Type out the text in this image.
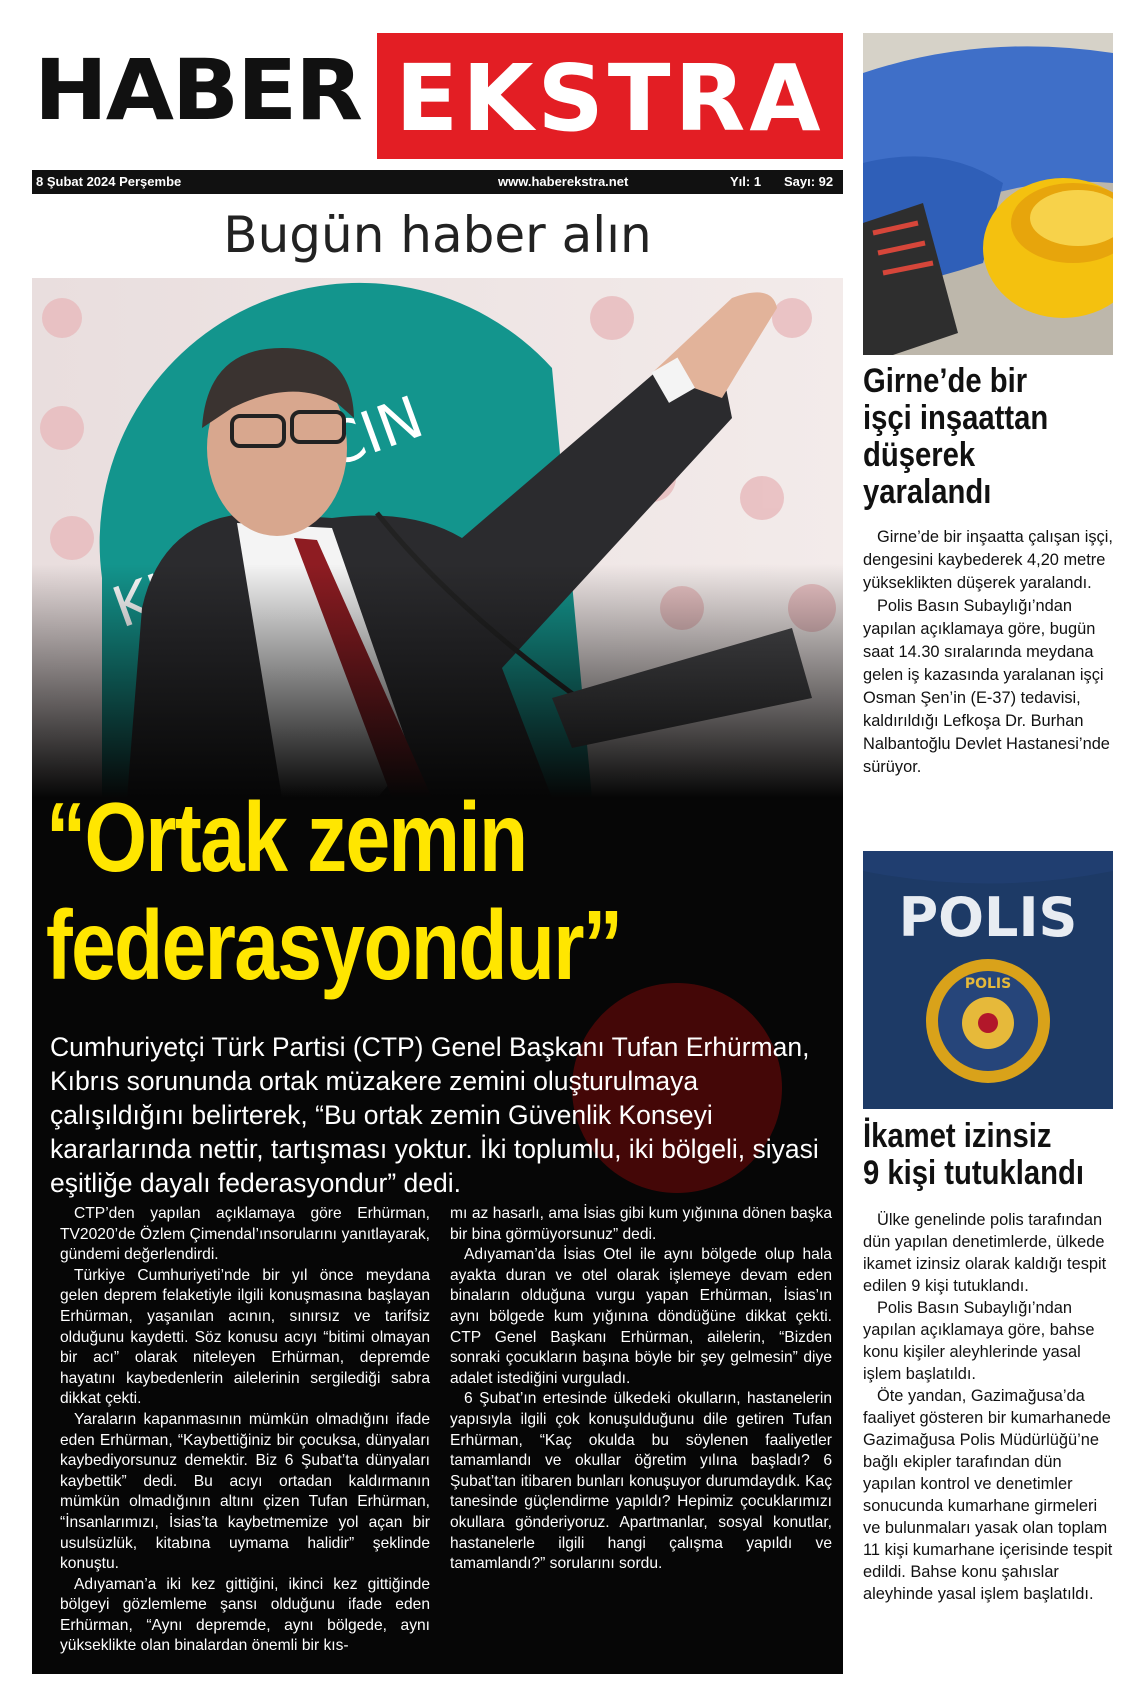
HABER EKSTRA
8 Şubat 2024 Perşembe	www.haberekstra.net	Yıl: 1 Sayı: 92
Bugün haber alın
“Ortak zemin
federasyondur”
Cumhuriyetçi Türk Partisi (CTP) Genel Başkanı Tufan Erhürman, Kıbrıs sorununda ortak müzakere zemini oluşturulmaya çalışıldığını belirterek, “Bu ortak zemin Güvenlik Konseyi kararlarında nettir, tartışması yoktur. İki toplumlu, iki bölgeli, siyasi eşitliğe dayalı federasyondur” dedi.

CTP’den yapılan açıklamaya göre Erhürman, TV2020’de Özlem Çimendal’ınsorularını yanıtlayarak, gündemi değerlendirdi.

Türkiye Cumhuriyeti’nde bir yıl önce meydana gelen deprem felaketiyle ilgili konuşmasına başlayan Erhürman, yaşanılan acının, sınırsız ve tarifsiz olduğunu kaydetti. Söz konusu acıyı “bitimi olmayan bir acı” olarak niteleyen Erhürman, depremde hayatını kaybedenlerin ailelerinin sergilediği sabra dikkat çekti.

Yaraların kapanmasının mümkün olmadığını ifade eden Erhürman, “Kaybettiğiniz bir çocuksa, dünyaları kaybediyorsunuz demektir. Biz 6 Şubat’ta dünyaları kaybettik” dedi. Bu acıyı ortadan kaldırmanın mümkün olmadığının altını çizen Tufan Erhürman, “İnsanlarımızı, İsias’ta kaybetmemize yol açan bir usulsüzlük, kitabına uymama halidir” şeklinde konuştu.

Adıyaman’a iki kez gittiğini, ikinci kez gittiğinde bölgeyi gözlemleme şansı olduğunu ifade eden Erhürman, “Aynı depremde, aynı bölgede, aynı yükseklikte olan binalardan önemli bir kıs-

mı az hasarlı, ama İsias gibi kum yığınına dönen başka bir bina görmüyorsunuz” dedi.

Adıyaman’da İsias Otel ile aynı bölgede olup hala ayakta duran ve otel olarak işlemeye devam eden binaların olduğuna vurgu yapan Erhürman, İsias’ın aynı bölgede kum yığınına döndüğüne dikkat çekti. CTP Genel Başkanı Erhürman, ailelerin, “Bizden sonraki çocukların başına böyle bir şey gelmesin” diye adalet istediğini vurguladı.

6 Şubat’ın ertesinde ülkedeki okulların, hastanelerin yapısıyla ilgili çok konuşulduğunu dile getiren Tufan Erhürman, “Kaç okulda bu söylenen faaliyetler tamamlandı ve okullar öğretim yılına başladı? 6 Şubat’tan itibaren bunları konuşuyor durumdaydık. Kaç tanesinde güçlendirme yapıldı? Hepimiz çocuklarımızı okullara gönderiyoruz. Apartmanlar, sosyal konutlar, hastanelerle ilgili hangi çalışma yapıldı ve tamamlandı?” sorularını sordu.

Girne’de bir
işçi inşaattan
düşerek
yaralandı

Girne’de bir inşaatta çalışan işçi, dengesini kaybederek 4,20 metre yükseklikten düşerek yaralandı.

Polis Basın Subaylığı’ndan yapılan açıklamaya göre, bugün saat 14.30 sıralarında meydana gelen iş kazasında yaralanan işçi Osman Şen’in (E-37) tedavisi, kaldırıldığı Lefkoşa Dr. Burhan Nalbantoğlu Devlet Hastanesi’nde sürüyor.

POLIS
POLIS
İkamet izinsiz
9 kişi tutuklandı

Ülke genelinde polis tarafından dün yapılan denetimlerde, ülkede ikamet izinsiz olarak kaldığı tespit edilen 9 kişi tutuklandı.

Polis Basın Subaylığı’ndan yapılan açıklamaya göre, bahse konu kişiler aleyhlerinde yasal işlem başlatıldı.

Öte yandan, Gazimağusa’da faaliyet gösteren bir kumarhanede Gazimağusa Polis Müdürlüğü’ne bağlı ekipler tarafından dün yapılan kontrol ve denetimler sonucunda kumarhane girmeleri ve bulunmaları yasak olan toplam 11 kişi kumarhane içerisinde tespit edildi. Bahse konu şahıslar aleyhinde yasal işlem başlatıldı.
